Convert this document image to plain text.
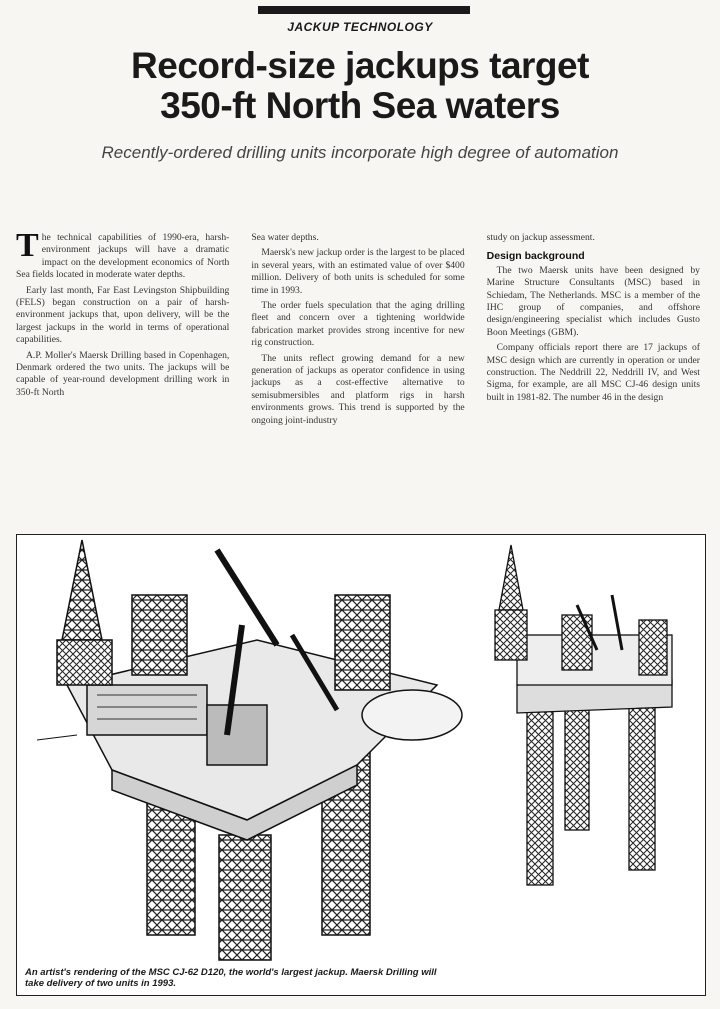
JACKUP TECHNOLOGY
Record-size jackups target
350-ft North Sea waters
Recently-ordered drilling units incorporate high degree of automation

The technical capabilities of 1990-era, harsh-environment jackups will have a dramatic impact on the development economics of North Sea fields located in moderate water depths.

Early last month, Far East Levingston Shipbuilding (FELS) began construction on a pair of harsh-environment jackups that, upon delivery, will be the largest jackups in the world in terms of operational capabilities.

A.P. Moller's Maersk Drilling based in Copenhagen, Denmark ordered the two units. The jackups will be capable of year-round development drilling work in 350-ft North

Sea water depths.

Maersk's new jackup order is the largest to be placed in several years, with an estimated value of over $400 million. Delivery of both units is scheduled for some time in 1993.

The order fuels speculation that the aging drilling fleet and concern over a tightening worldwide fabrication market provides strong incentive for new rig construction.

The units reflect growing demand for a new generation of jackups as operator confidence in using jackups as a cost-effective alternative to semisubmersibles and platform rigs in harsh environments grows. This trend is supported by the ongoing joint-industry

study on jackup assessment.

Design background

The two Maersk units have been designed by Marine Structure Consultants (MSC) based in Schiedam, The Netherlands. MSC is a member of the IHC group of companies, and offshore design/engineering specialist which includes Gusto Boon Meetings (GBM).

Company officials report there are 17 jackups of MSC design which are currently in operation or under construction. The Neddrill 22, Neddrill IV, and West Sigma, for example, are all MSC CJ-46 design units built in 1981-82. The number 46 in the design

An artist's rendering of the MSC CJ-62 D120, the world's largest jackup. Maersk Drilling will take delivery of two units in 1993.
